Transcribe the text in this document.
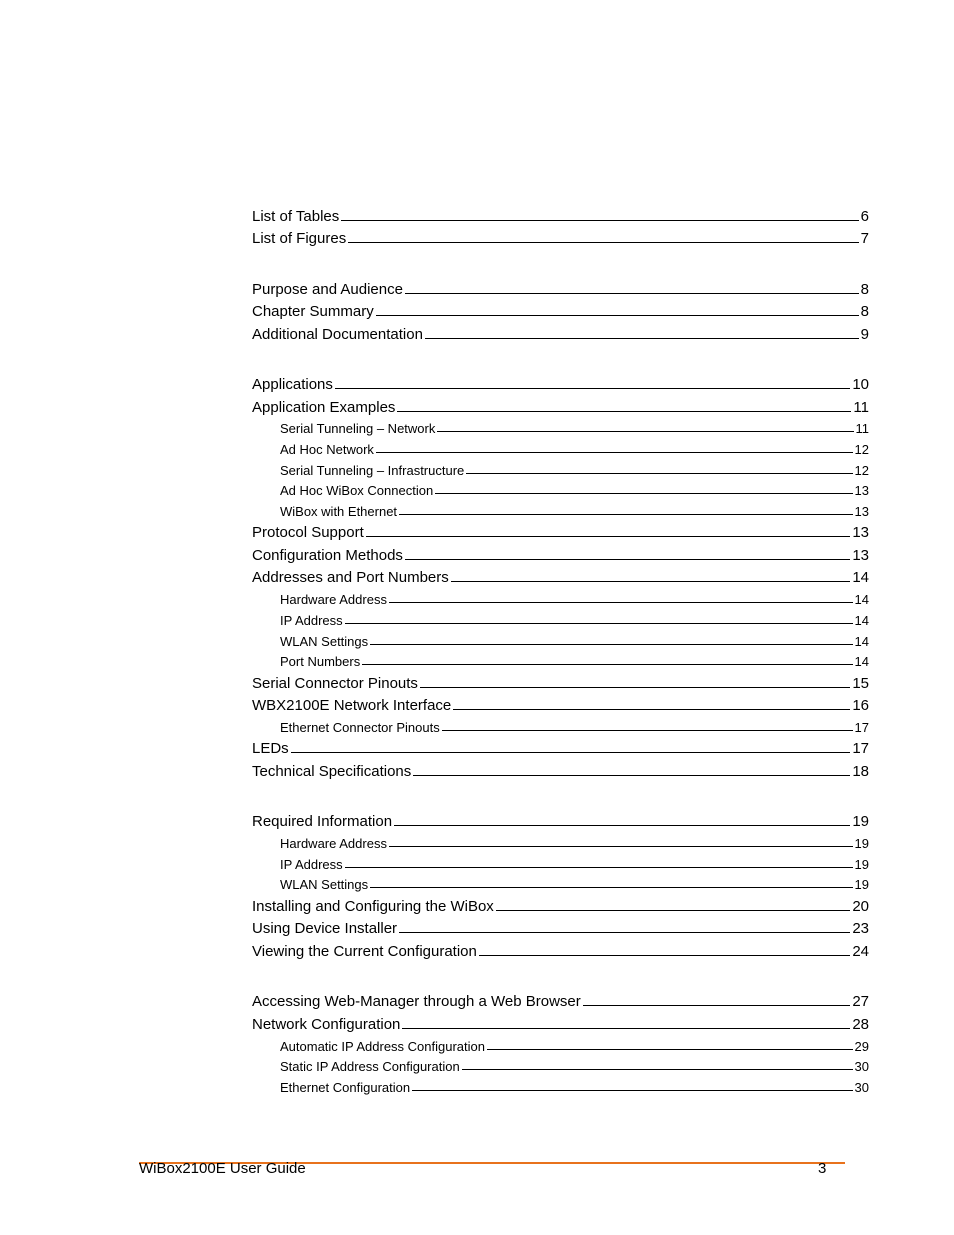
List of Tables	6
List of Figures	7
Purpose and Audience	8
Chapter Summary	8
Additional Documentation	9
Applications	10
Application Examples	11
Serial Tunneling – Network	11
Ad Hoc Network	12
Serial Tunneling – Infrastructure	12
Ad Hoc WiBox Connection	13
WiBox with Ethernet	13
Protocol Support	13
Configuration Methods	13
Addresses and Port Numbers	14
Hardware Address	14
IP Address	14
WLAN Settings	14
Port Numbers	14
Serial Connector Pinouts	15
WBX2100E Network Interface	16
Ethernet Connector Pinouts	17
LEDs	17
Technical Specifications	18
Required Information	19
Hardware Address	19
IP Address	19
WLAN Settings	19
Installing and Configuring the WiBox	20
Using Device Installer	23
Viewing the Current Configuration	24
Accessing Web-Manager through a Web Browser	27
Network Configuration	28
Automatic IP Address Configuration	29
Static IP Address Configuration	30
Ethernet Configuration	30
WiBox2100E User Guide	3
